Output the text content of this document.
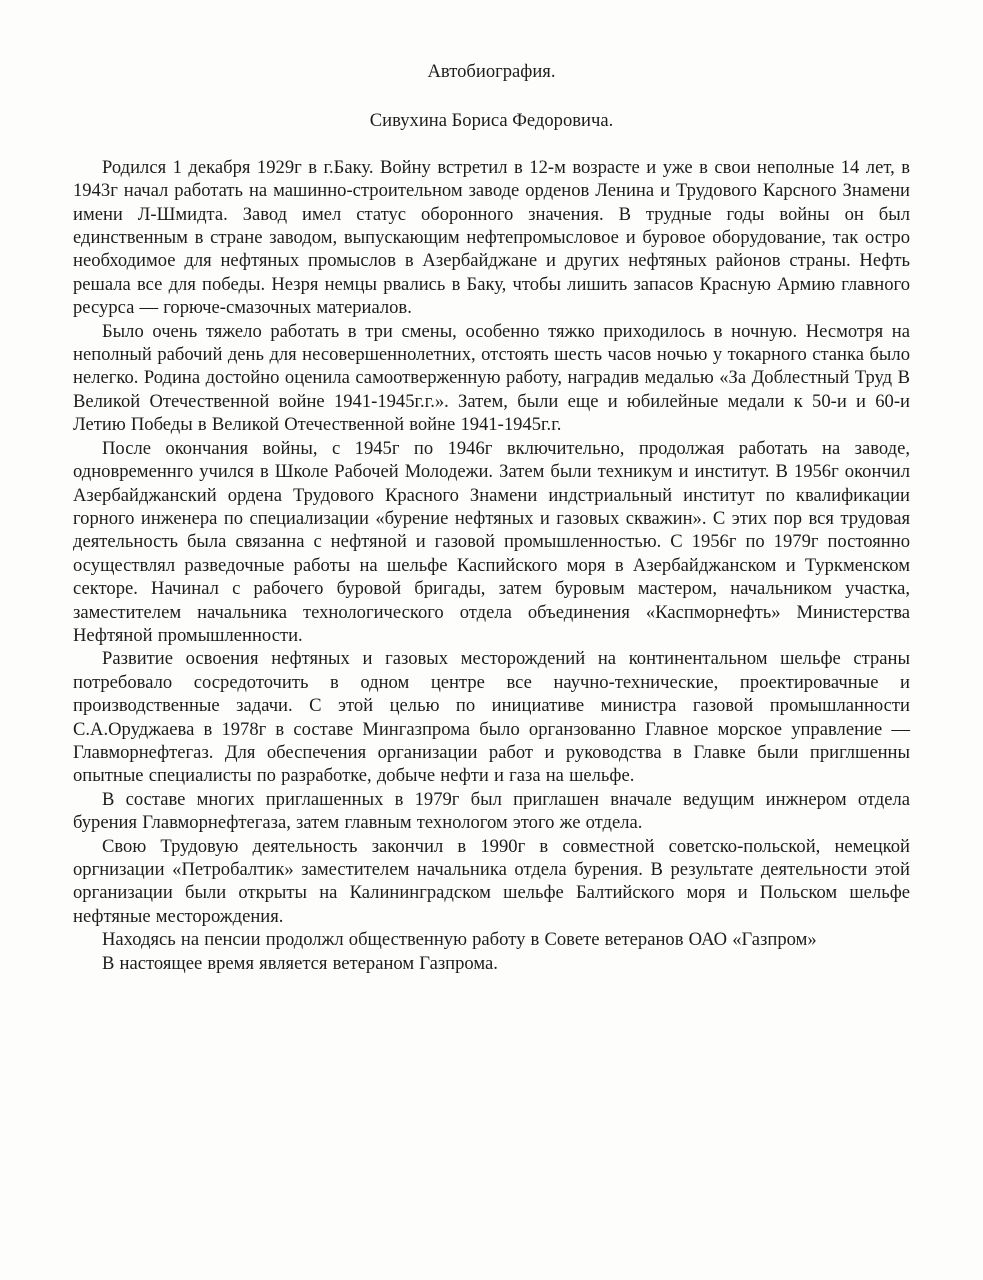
Автобиография.
Сивухина Бориса Федоровича.

Родился 1 декабря 1929г в г.Баку. Войну встретил в 12-м возрасте и уже в свои неполные 14 лет, в 1943г начал работать на машинно-строительном заводе орденов Ленина и Трудового Карсного Знамени имени Л-Шмидта. Завод имел статус оборонного значения. В трудные годы войны он был единственным в стране заводом, выпускающим нефтепромысловое и буровое оборудование, так остро необходимое для нефтяных промыслов в Азербайджане и других нефтяных районов страны. Нефть решала все для победы. Незря немцы рвались в Баку, чтобы лишить запасов Красную Армию главного ресурса — горюче-смазочных материалов.

Было очень тяжело работать в три смены, особенно тяжко приходилось в ночную. Несмотря на неполный рабочий день для несовершеннолетних, отстоять шесть часов ночью у токарного станка было нелегко. Родина достойно оценила самоотверженную работу, наградив медалью «За Доблестный Труд В Великой Отечественной войне 1941-1945г.г.». Затем, были еще и юбилейные медали к 50-и и 60-и Летию Победы в Великой Отечественной войне 1941-1945г.г.

После окончания войны, с 1945г по 1946г включительно, продолжая работать на заводе, одновременнго учился в Школе Рабочей Молодежи. Затем были техникум и институт. В 1956г окончил Азербайджанский ордена Трудового Красного Знамени индстриальный институт по квалификации горного инженера по специализации «бурение нефтяных и газовых скважин». С этих пор вся трудовая деятельность была связанна с нефтяной и газовой промышленностью. С 1956г по 1979г постоянно осуществлял разведочные работы на шельфе Каспийского моря в Азербайджанском и Туркменском секторе. Начинал с рабочего буровой бригады, затем буровым мастером, начальником участка, заместителем начальника технологического отдела объединения «Каспморнефть» Министерства Нефтяной промышленности.

Развитие освоения нефтяных и газовых месторождений на континентальном шельфе страны потребовало сосредоточить в одном центре все научно-технические, проектировачные и производственные задачи. С этой целью по инициативе министра газовой промышланности С.А.Оруджаева в 1978г в составе Мингазпрома было органзованно Главное морское управление — Главморнефтегаз. Для обеспечения организации работ и руководства в Главке были приглшенны опытные специалисты по разработке, добыче нефти и газа на шельфе.

В составе многих приглашенных в 1979г был приглашен вначале ведущим инжнером отдела бурения Главморнефтегаза, затем главным технологом этого же отдела.

Свою Трудовую деятельность закончил в 1990г в совместной советско-польской, немецкой оргнизации «Петробалтик» заместителем начальника отдела бурения. В результате деятельности этой организации были открыты на Калининградском шельфе Балтийского моря и Польском шельфе нефтяные месторождения.

Находясь на пенсии продолжл общественную работу в Совете ветеранов ОАО «Газпром»

В настоящее время является ветераном Газпрома.
